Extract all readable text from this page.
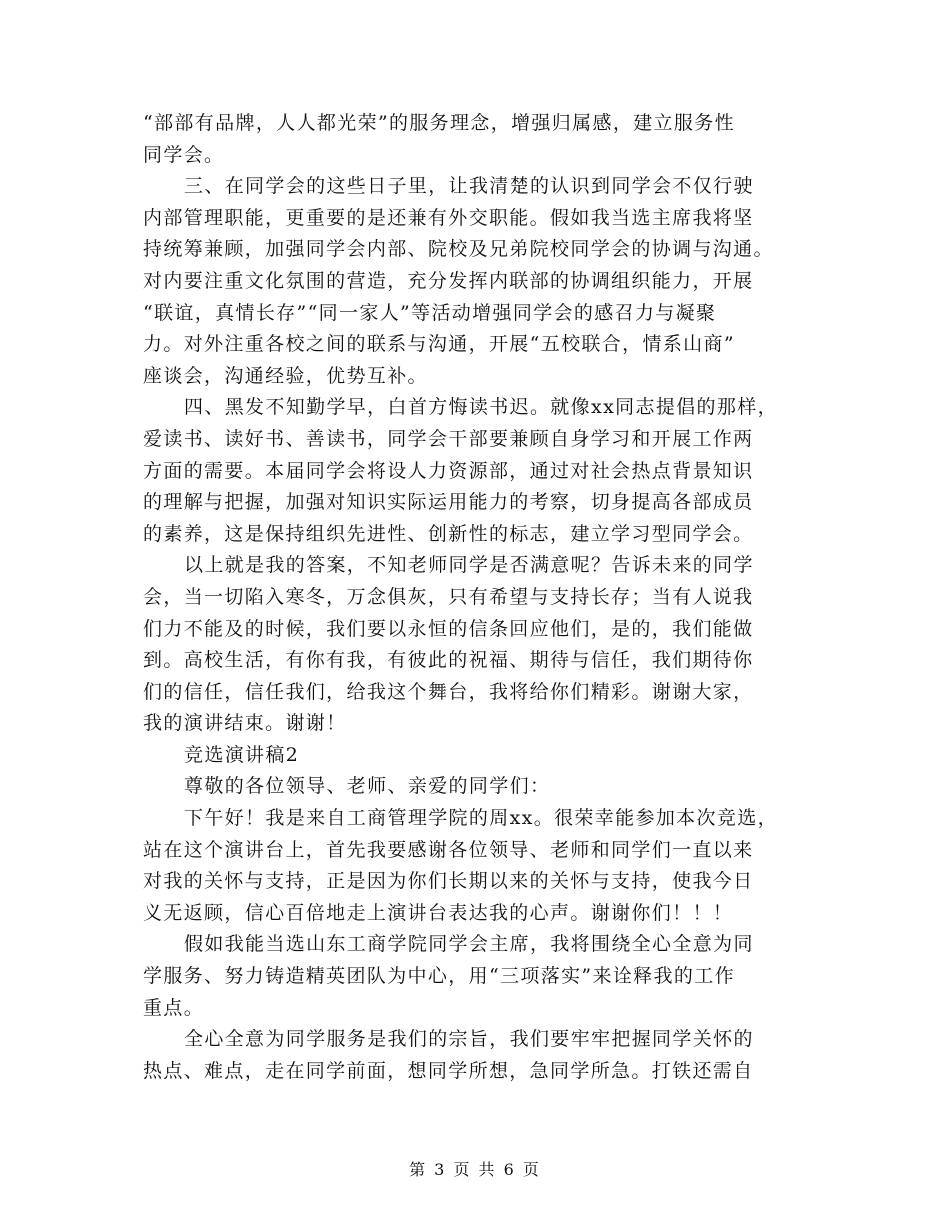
“部部有品牌，人人都光荣”的服务理念，增强归属感，建立服务性
同学会。
三、在同学会的这些日子里，让我清楚的认识到同学会不仅行驶
内部管理职能，更重要的是还兼有外交职能。假如我当选主席我将坚
持统筹兼顾，加强同学会内部、院校及兄弟院校同学会的协调与沟通。
对内要注重文化氛围的营造，充分发挥内联部的协调组织能力，开展
“联谊，真情长存”“同一家人”等活动增强同学会的感召力与凝聚
力。对外注重各校之间的联系与沟通，开展“五校联合，情系山商”
座谈会，沟通经验，优势互补。
四、黑发不知勤学早，白首方悔读书迟。就像xx同志提倡的那样，
爱读书、读好书、善读书，同学会干部要兼顾自身学习和开展工作两
方面的需要。本届同学会将设人力资源部，通过对社会热点背景知识
的理解与把握，加强对知识实际运用能力的考察，切身提高各部成员
的素养，这是保持组织先进性、创新性的标志，建立学习型同学会。
以上就是我的答案，不知老师同学是否满意呢？告诉未来的同学
会，当一切陷入寒冬，万念俱灰，只有希望与支持长存；当有人说我
们力不能及的时候，我们要以永恒的信条回应他们，是的，我们能做
到。高校生活，有你有我，有彼此的祝福、期待与信任，我们期待你
们的信任，信任我们，给我这个舞台，我将给你们精彩。谢谢大家，
我的演讲结束。谢谢！
竞选演讲稿2
尊敬的各位领导、老师、亲爱的同学们：
下午好！我是来自工商管理学院的周xx。很荣幸能参加本次竞选，
站在这个演讲台上，首先我要感谢各位领导、老师和同学们一直以来
对我的关怀与支持，正是因为你们长期以来的关怀与支持，使我今日
义无返顾，信心百倍地走上演讲台表达我的心声。谢谢你们！！！
假如我能当选山东工商学院同学会主席，我将围绕全心全意为同
学服务、努力铸造精英团队为中心，用“三项落实”来诠释我的工作
重点。
全心全意为同学服务是我们的宗旨，我们要牢牢把握同学关怀的
热点、难点，走在同学前面，想同学所想，急同学所急。打铁还需自
第 3 页 共 6 页
